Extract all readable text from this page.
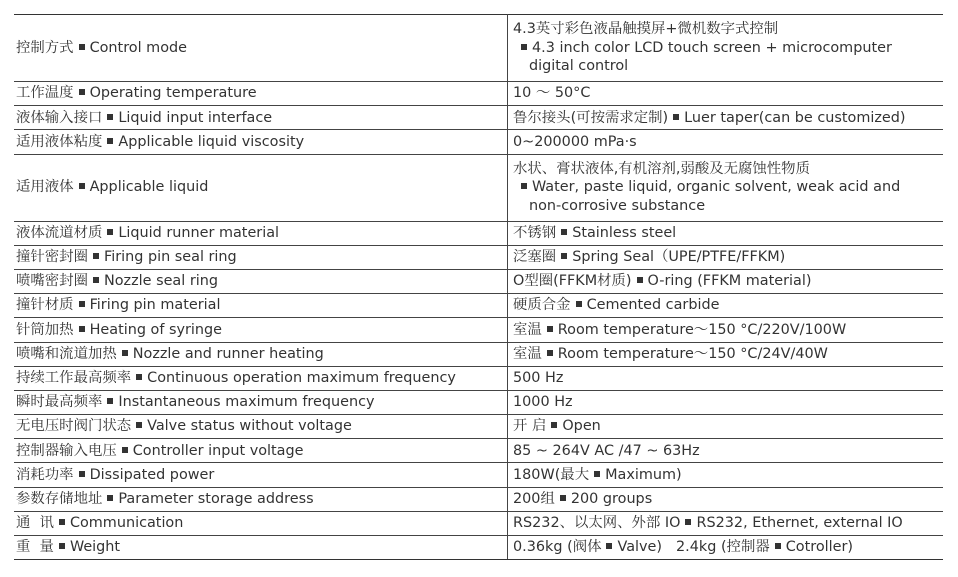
控制方式 Control mode	4.3英寸彩色液晶触摸屏+微机数字式控制
4.3 inch color LCD touch screen + microcomputer
digital control

工作温度 Operating temperature	10 ～ 50°C
液体输入接口 Liquid input interface	鲁尔接头(可按需求定制) Luer taper(can be customized)
适用液体粘度 Applicable liquid viscosity	0~200000 mPa·s
适用液体 Applicable liquid	水状、膏状液体,有机溶剂,弱酸及无腐蚀性物质
Water, paste liquid, organic solvent, weak acid and
non-corrosive substance

液体流道材质 Liquid runner material	不锈钢 Stainless steel
撞针密封圈 Firing pin seal ring	泛塞圈 Spring Seal（UPE/PTFE/FFKM)
喷嘴密封圈 Nozzle seal ring	O型圈(FFKM材质) O-ring (FFKM material)
撞针材质 Firing pin material	硬质合金 Cemented carbide
针筒加热 Heating of syringe	室温 Room temperature～150 °C/220V/100W
喷嘴和流道加热 Nozzle and runner heating	室温 Room temperature～150 °C/24V/40W
持续工作最高频率 Continuous operation maximum frequency	500 Hz
瞬时最高频率 Instantaneous maximum frequency	1000 Hz
无电压时阀门状态 Valve status without voltage	开 启 Open
控制器输入电压 Controller input voltage	85 ~ 264V AC /47 ~ 63Hz
消耗功率 Dissipated power	180W(最大 Maximum)
参数存储地址 Parameter storage address	200组 200 groups
通  讯 Communication	RS232、以太网、外部 IO RS232, Ethernet, external IO
重  量 Weight	0.36kg (阀体 Valve) 2.4kg (控制器 Cotroller)
